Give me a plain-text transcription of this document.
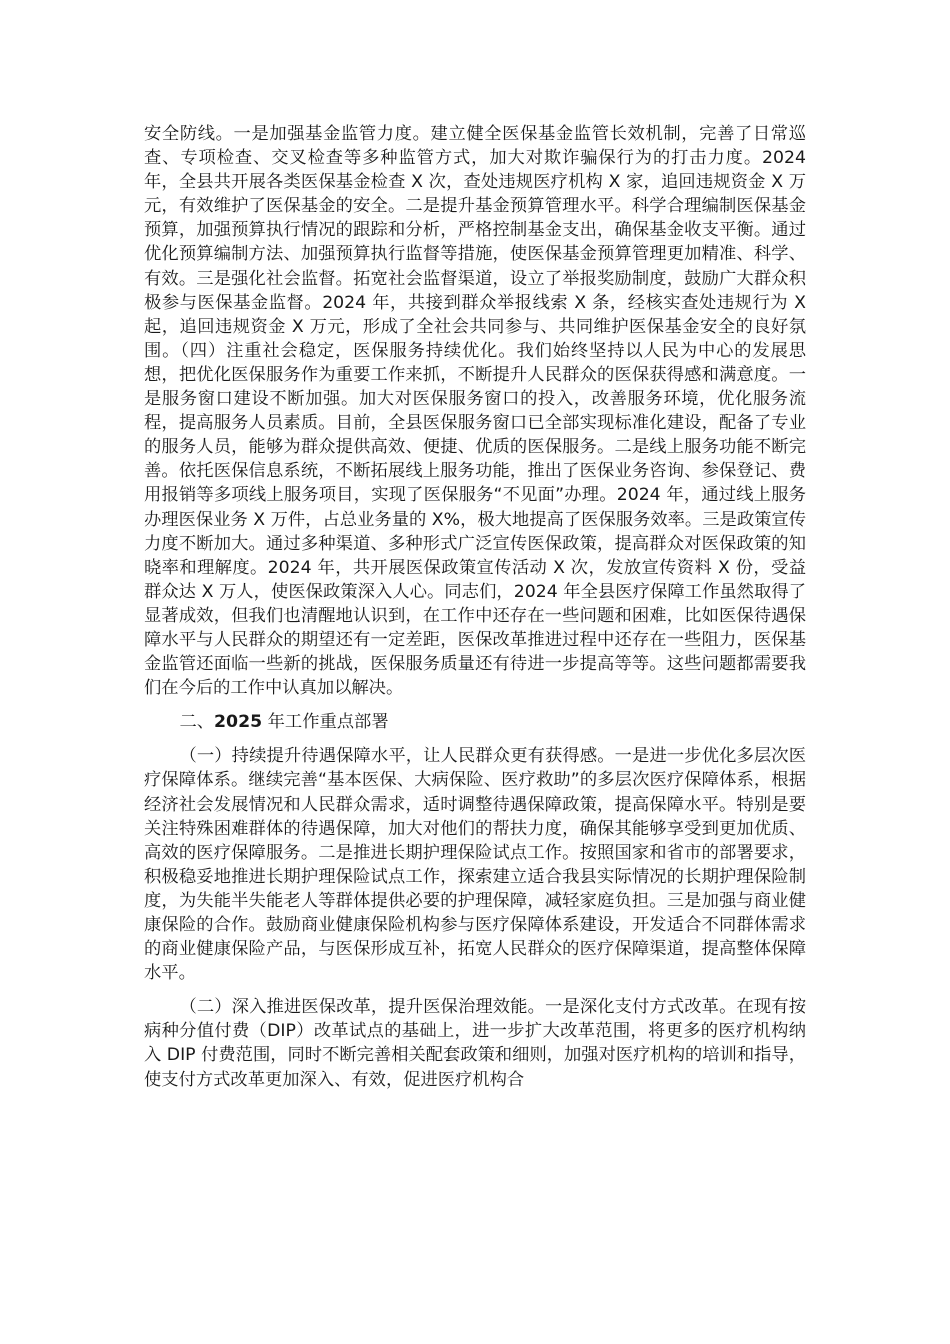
安全防线。一是加强基金监管力度。建立健全医保基金监管长效机制，完善了日常巡查、专项检查、交叉检查等多种监管方式，加大对欺诈骗保行为的打击力度。2024 年，全县共开展各类医保基金检查 X 次，查处违规医疗机构 X 家，追回违规资金 X 万元，有效维护了医保基金的安全。二是提升基金预算管理水平。科学合理编制医保基金预算，加强预算执行情况的跟踪和分析，严格控制基金支出，确保基金收支平衡。通过优化预算编制方法、加强预算执行监督等措施，使医保基金预算管理更加精准、科学、有效。三是强化社会监督。拓宽社会监督渠道，设立了举报奖励制度，鼓励广大群众积极参与医保基金监督。2024 年，共接到群众举报线索 X 条，经核实查处违规行为 X 起，追回违规资金 X 万元，形成了全社会共同参与、共同维护医保基金安全的良好氛围。（四）注重社会稳定，医保服务持续优化。我们始终坚持以人民为中心的发展思想，把优化医保服务作为重要工作来抓，不断提升人民群众的医保获得感和满意度。一是服务窗口建设不断加强。加大对医保服务窗口的投入，改善服务环境，优化服务流程，提高服务人员素质。目前，全县医保服务窗口已全部实现标准化建设，配备了专业的服务人员，能够为群众提供高效、便捷、优质的医保服务。二是线上服务功能不断完善。依托医保信息系统，不断拓展线上服务功能，推出了医保业务咨询、参保登记、费用报销等多项线上服务项目，实现了医保服务“不见面”办理。2024 年，通过线上服务办理医保业务 X 万件，占总业务量的 X%，极大地提高了医保服务效率。三是政策宣传力度不断加大。通过多种渠道、多种形式广泛宣传医保政策，提高群众对医保政策的知晓率和理解度。2024 年，共开展医保政策宣传活动 X 次，发放宣传资料 X 份，受益群众达 X 万人，使医保政策深入人心。同志们，2024 年全县医疗保障工作虽然取得了显著成效，但我们也清醒地认识到，在工作中还存在一些问题和困难，比如医保待遇保障水平与人民群众的期望还有一定差距，医保改革推进过程中还存在一些阻力，医保基金监管还面临一些新的挑战，医保服务质量还有待进一步提高等等。这些问题都需要我们在今后的工作中认真加以解决。

二、2025 年工作重点部署

（一）持续提升待遇保障水平，让人民群众更有获得感。一是进一步优化多层次医疗保障体系。继续完善“基本医保、大病保险、医疗救助”的多层次医疗保障体系，根据经济社会发展情况和人民群众需求，适时调整待遇保障政策，提高保障水平。特别是要关注特殊困难群体的待遇保障，加大对他们的帮扶力度，确保其能够享受到更加优质、高效的医疗保障服务。二是推进长期护理保险试点工作。按照国家和省市的部署要求，积极稳妥地推进长期护理保险试点工作，探索建立适合我县实际情况的长期护理保险制度，为失能半失能老人等群体提供必要的护理保障，减轻家庭负担。三是加强与商业健康保险的合作。鼓励商业健康保险机构参与医疗保障体系建设，开发适合不同群体需求的商业健康保险产品，与医保形成互补，拓宽人民群众的医疗保障渠道，提高整体保障水平。

（二）深入推进医保改革，提升医保治理效能。一是深化支付方式改革。在现有按病种分值付费（DIP）改革试点的基础上，进一步扩大改革范围，将更多的医疗机构纳入 DIP 付费范围，同时不断完善相关配套政策和细则，加强对医疗机构的培训和指导，使支付方式改革更加深入、有效，促进医疗机构合
